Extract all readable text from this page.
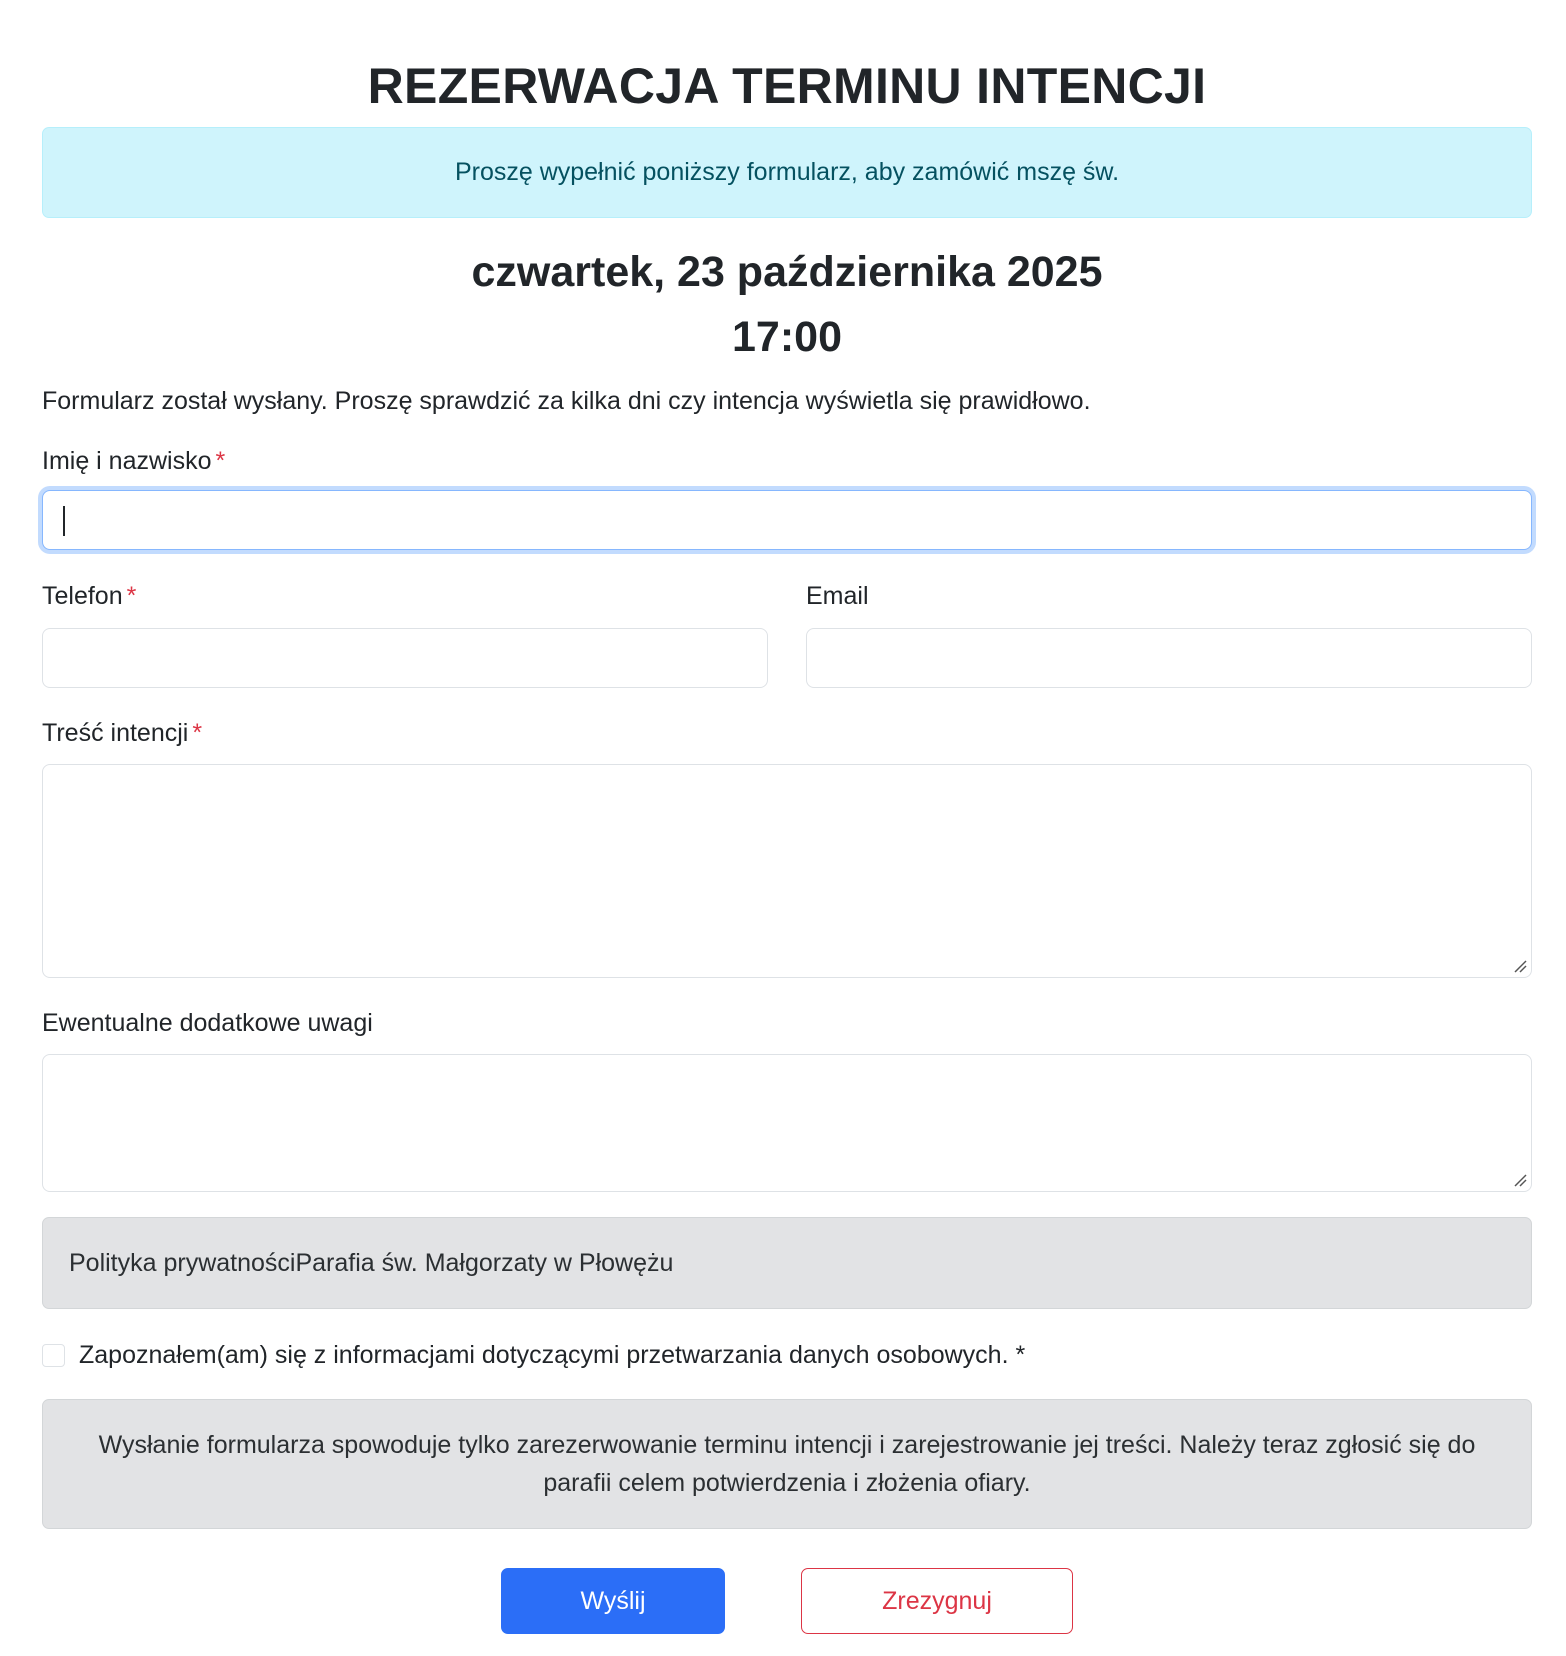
REZERWACJA TERMINU INTENCJI
Proszę wypełnić poniższy formularz, aby zamówić mszę św.
czwartek, 23 października 2025
17:00
Formularz został wysłany. Proszę sprawdzić za kilka dni czy intencja wyświetla się prawidłowo.
Imię i nazwisko *
Telefon *	Email
Treść intencji *
Ewentualne dodatkowe uwagi
Polityka prywatnościParafia św. Małgorzaty w Płowężu
Zapoznałem(am) się z informacjami dotyczącymi przetwarzania danych osobowych. *
Wysłanie formularza spowoduje tylko zarezerwowanie terminu intencji i zarejestrowanie jej treści. Należy teraz zgłosić się do parafii celem potwierdzenia i złożenia ofiary.
Wyślij	Zrezygnuj
